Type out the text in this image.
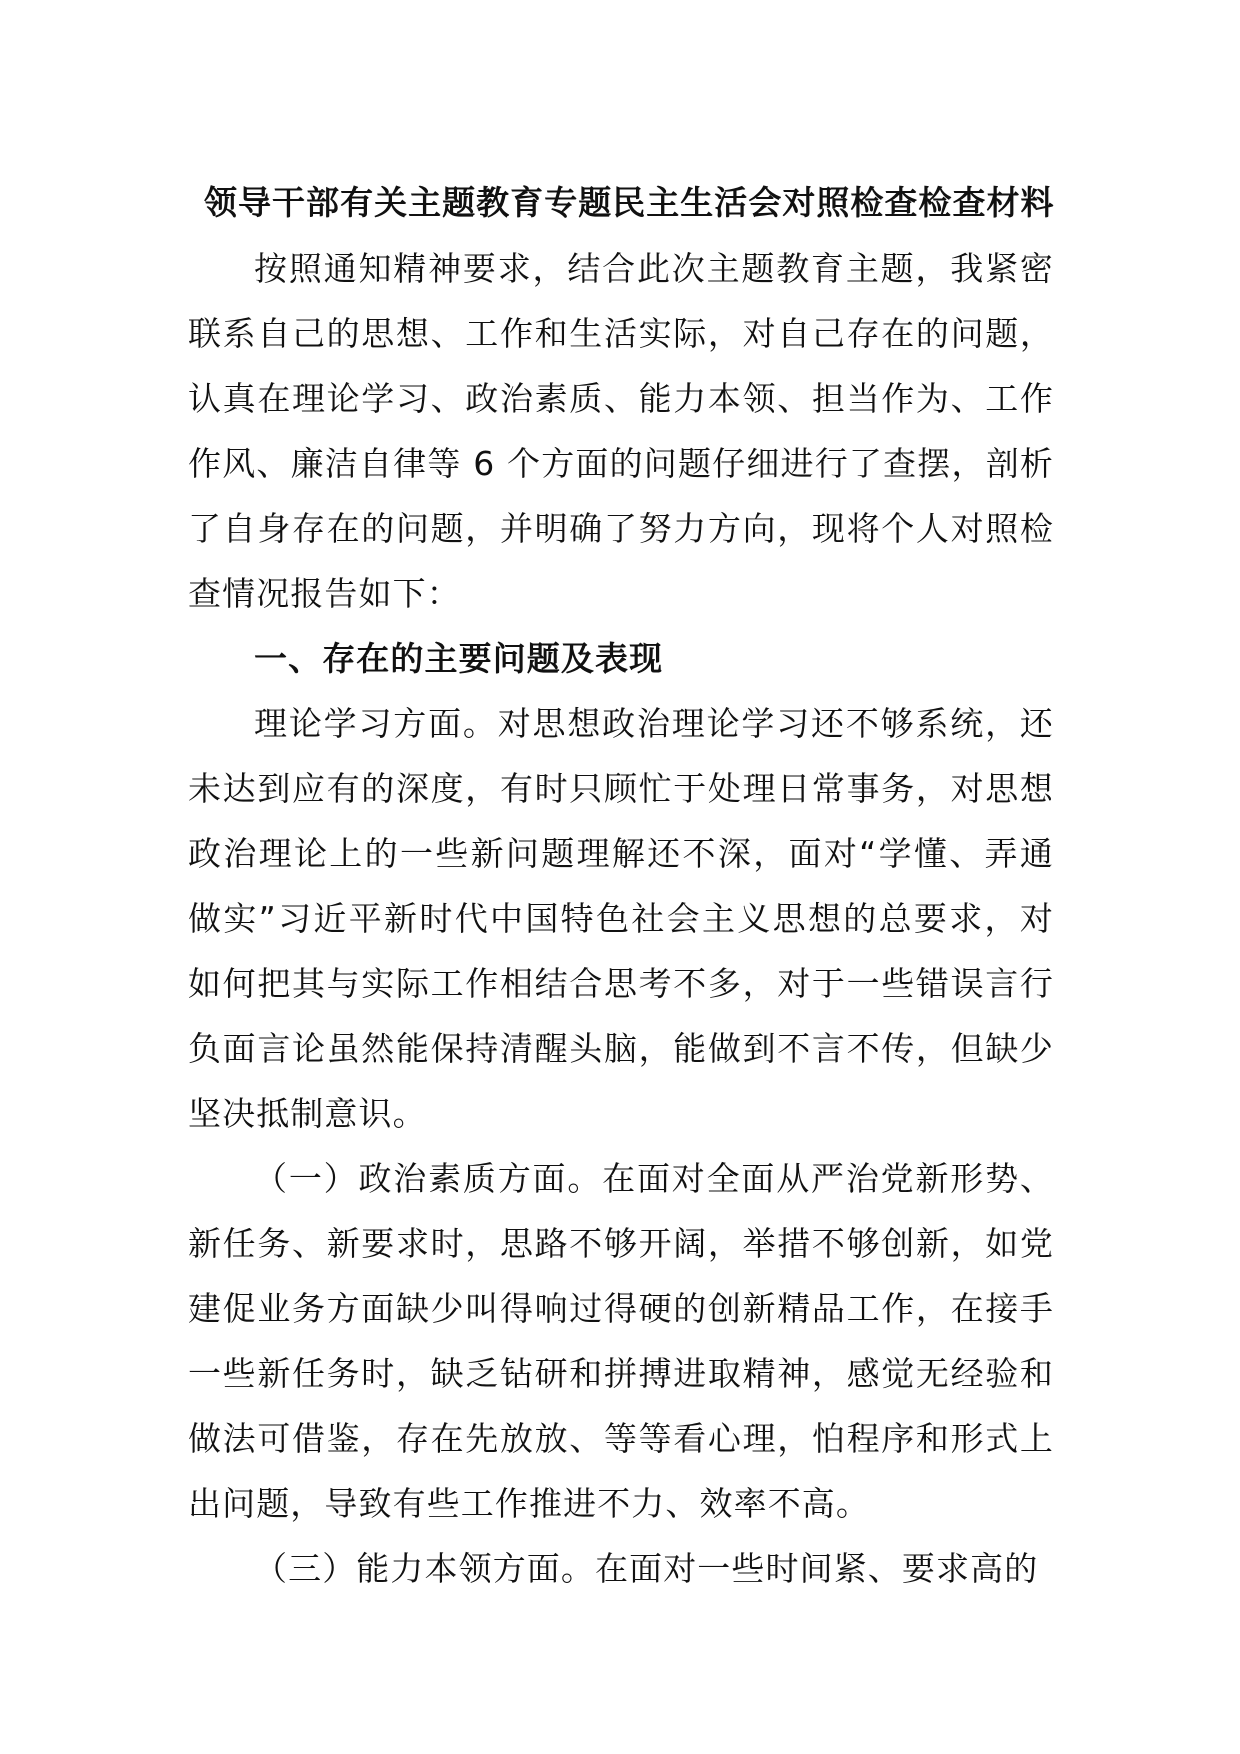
领导干部有关主题教育专题民主生活会对照检查检查材料

按照通知精神要求，结合此次主题教育主题，我紧密联系自己的思想、工作和生活实际，对自己存在的问题，认真在理论学习、政治素质、能力本领、担当作为、工作作风、廉洁自律等 6 个方面的问题仔细进行了查摆，剖析了自身存在的问题，并明确了努力方向，现将个人对照检查情况报告如下：

一、存在的主要问题及表现

理论学习方面。对思想政治理论学习还不够系统，还未达到应有的深度，有时只顾忙于处理日常事务，对思想政治理论上的一些新问题理解还不深，面对“学懂、弄通做实”习近平新时代中国特色社会主义思想的总要求，对如何把其与实际工作相结合思考不多，对于一些错误言行负面言论虽然能保持清醒头脑，能做到不言不传，但缺少坚决抵制意识。

（一）政治素质方面。在面对全面从严治党新形势、新任务、新要求时，思路不够开阔，举措不够创新，如党建促业务方面缺少叫得响过得硬的创新精品工作，在接手一些新任务时，缺乏钻研和拼搏进取精神，感觉无经验和做法可借鉴，存在先放放、等等看心理，怕程序和形式上出问题，导致有些工作推进不力、效率不高。

（三）能力本领方面。在面对一些时间紧、要求高的
